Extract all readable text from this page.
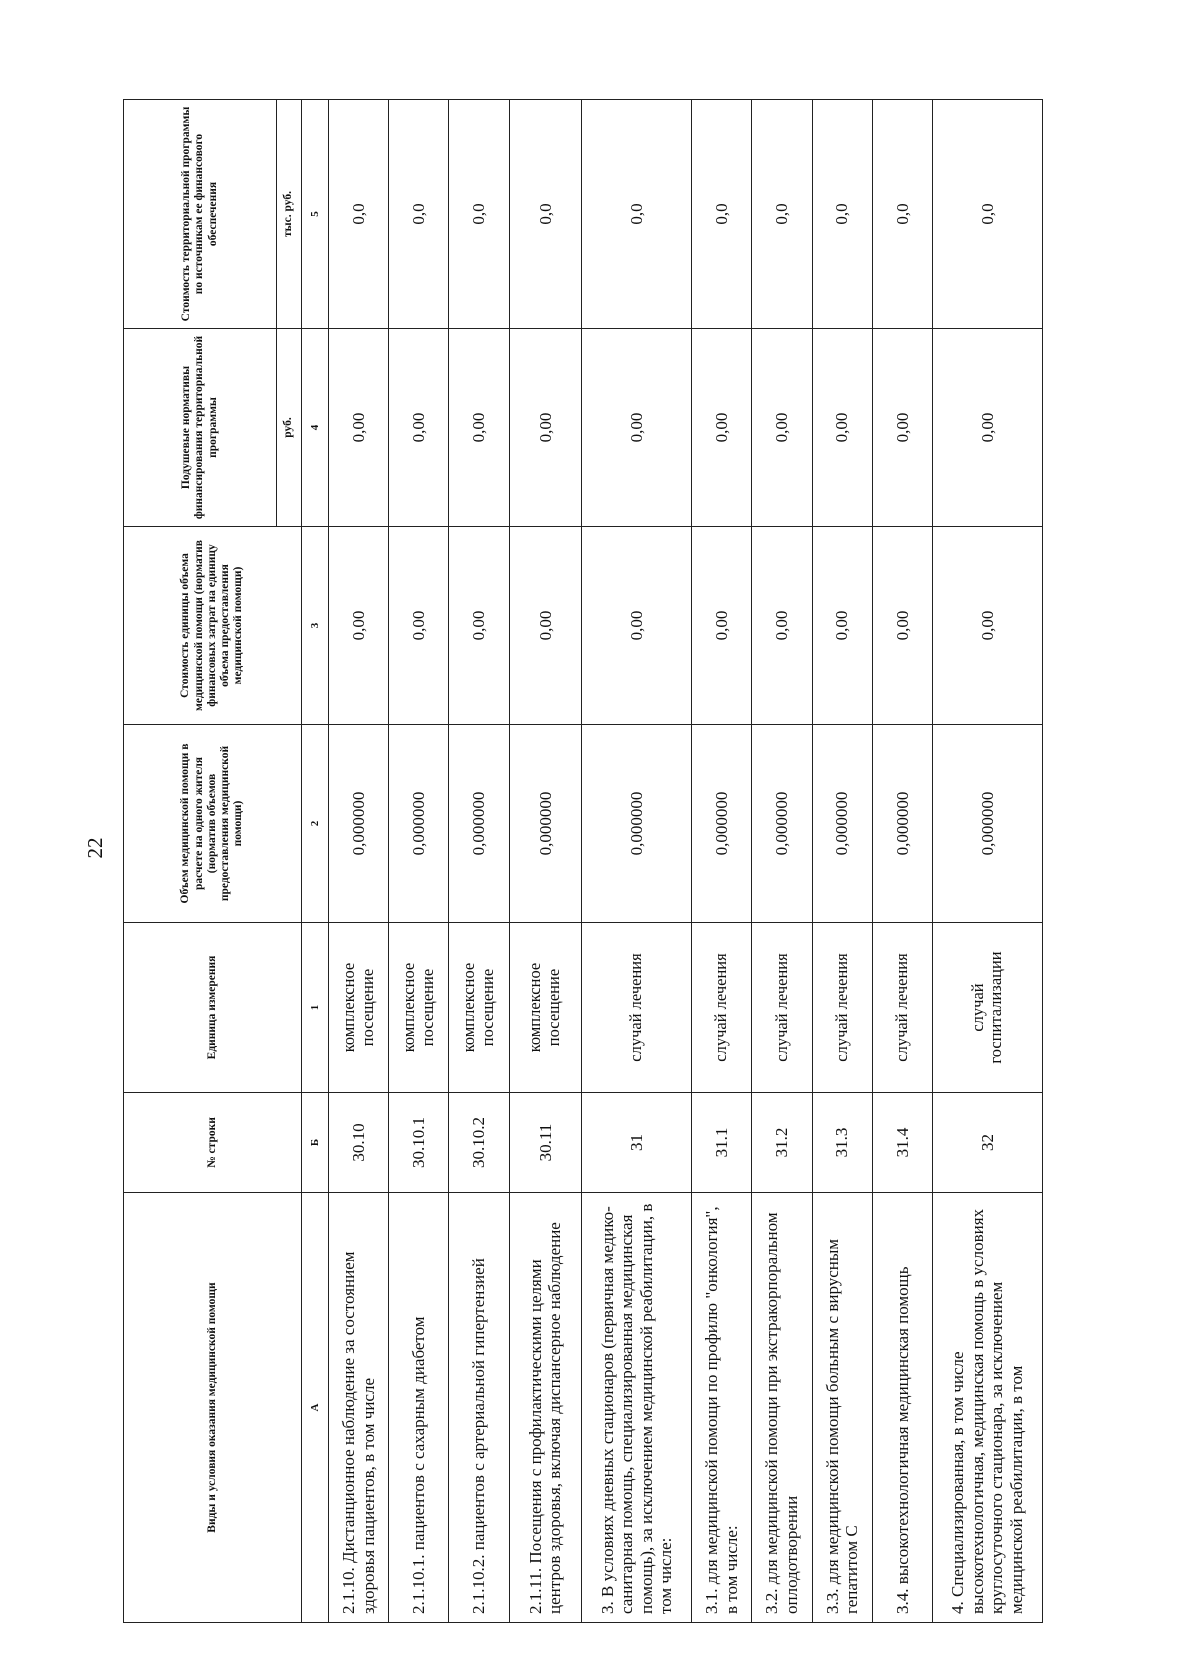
22
Виды и условия оказания медицинской помощи	№ строки	Единица измерения	Объем медицинской помощи в расчете на одного жителя (норматив объемов предоставления медицинской помощи)	Стоимость единицы объема медицинской помощи (норматив финансовых затрат на единицу объема предоставления медицинской помощи)	Подушевые нормативы финансирования территориальной программы	Стоимость территориальной программы по источникам ее финансового обеспечения
					руб.	тыс. руб.
А	Б	1	2	3	4	5
2.1.10. Дистанционное наблюдение за состоянием здоровья пациентов, в том числе	30.10	комплексное посещение	0,000000	0,00	0,00	0,0
2.1.10.1. пациентов с сахарным диабетом	30.10.1	комплексное посещение	0,000000	0,00	0,00	0,0
2.1.10.2. пациентов с артериальной гипертензией	30.10.2	комплексное посещение	0,000000	0,00	0,00	0,0
2.1.11. Посещения с профилактическими целями центров здоровья, включая диспансерное наблюдение	30.11	комплексное посещение	0,000000	0,00	0,00	0,0
3. В условиях дневных стационаров (первичная медико-санитарная помощь, специализированная медицинская помощь), за исключением медицинской реабилитации, в том числе:	31	случай лечения	0,000000	0,00	0,00	0,0
3.1. для медицинской помощи по профилю "онкология", в том числе:	31.1	случай лечения	0,000000	0,00	0,00	0,0
3.2. для медицинской помощи при экстракорпоральном оплодотворении	31.2	случай лечения	0,000000	0,00	0,00	0,0
3.3. для медицинской помощи больным с вирусным гепатитом С	31.3	случай лечения	0,000000	0,00	0,00	0,0
3.4. высокотехнологичная медицинская помощь	31.4	случай лечения	0,000000	0,00	0,00	0,0
4. Специализированная, в том числе высокотехнологичная, медицинская помощь в условиях круглосуточного стационара, за исключением медицинской реабилитации, в том	32	случай госпитализации	0,000000	0,00	0,00	0,0
